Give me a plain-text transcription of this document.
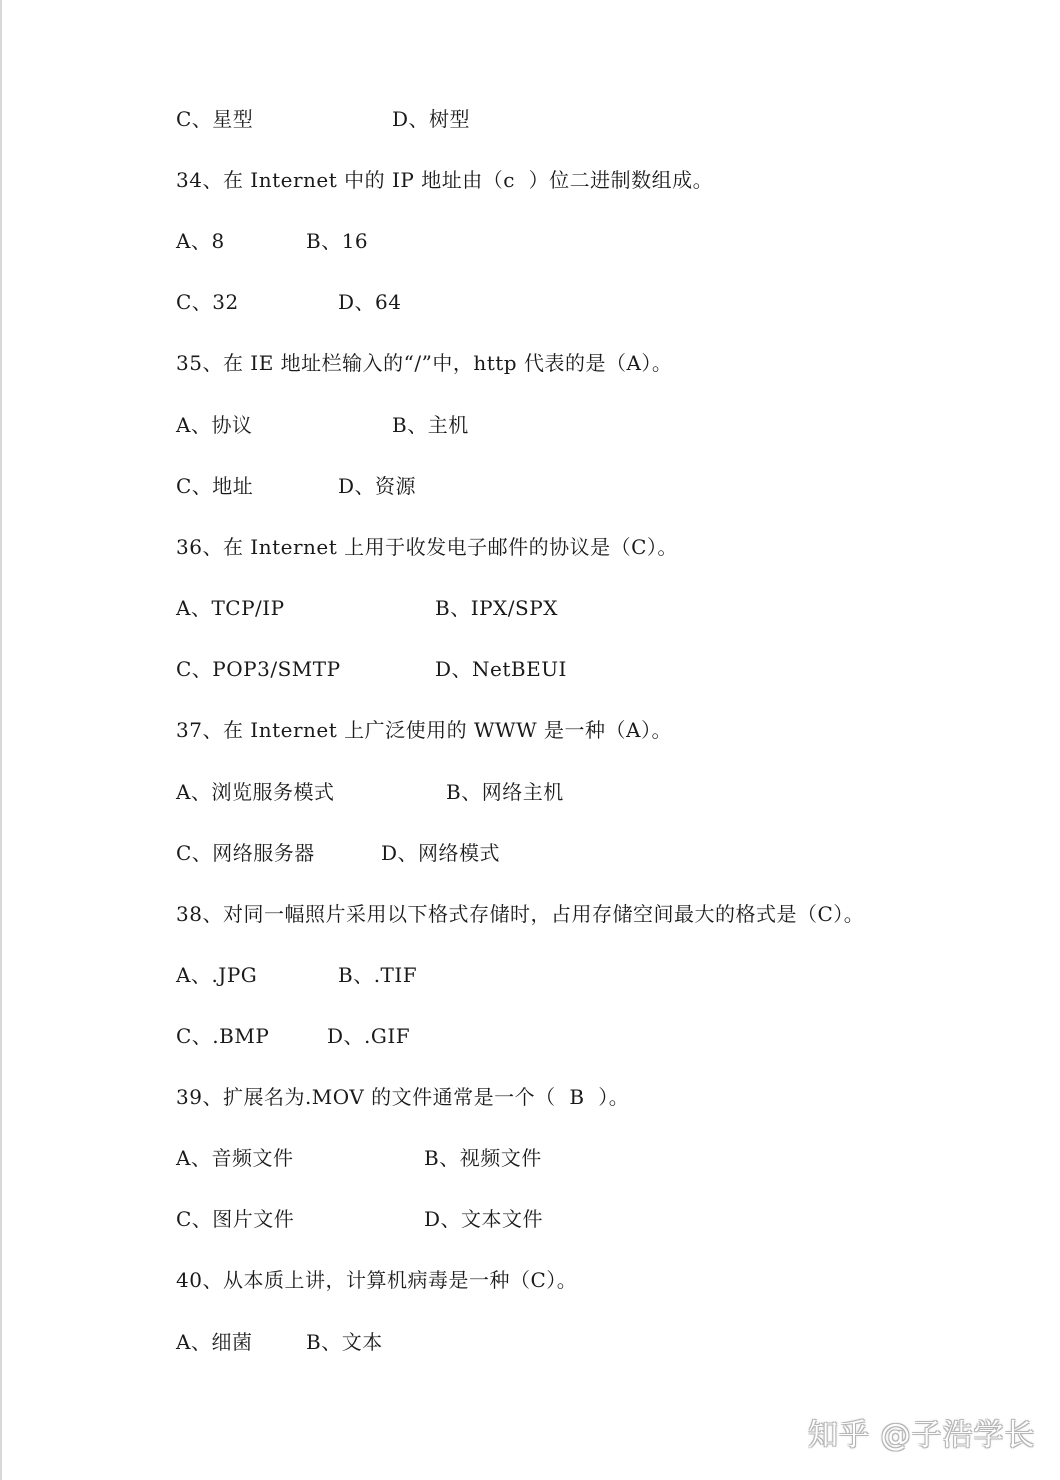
C、星型

	D、树型

34、在 Internet 中的 IP 地址由（c  ）位二进制数组成。

A、8

	B、16

C、32

	D、64

35、在 IE 地址栏输入的“/”中，http 代表的是（A）。

A、协议

	B、主机

C、地址

	D、资源

36、在 Internet 上用于收发电子邮件的协议是（C）。

A、TCP/IP

	B、IPX/SPX

C、POP3/SMTP

	D、NetBEUI

37、在 Internet 上广泛使用的 WWW 是一种（A）。

A、浏览服务模式

	B、网络主机

C、网络服务器

	D、网络模式

38、对同一幅照片采用以下格式存储时，占用存储空间最大的格式是（C）。

A、.JPG

	B、.TIF

C、.BMP

	D、.GIF

39、扩展名为.MOV 的文件通常是一个（  B  ）。

A、音频文件

	B、视频文件

C、图片文件

	D、文本文件

40、从本质上讲，计算机病毒是一种（C）。

A、细菌

	B、文本

知乎 @子浩学长
